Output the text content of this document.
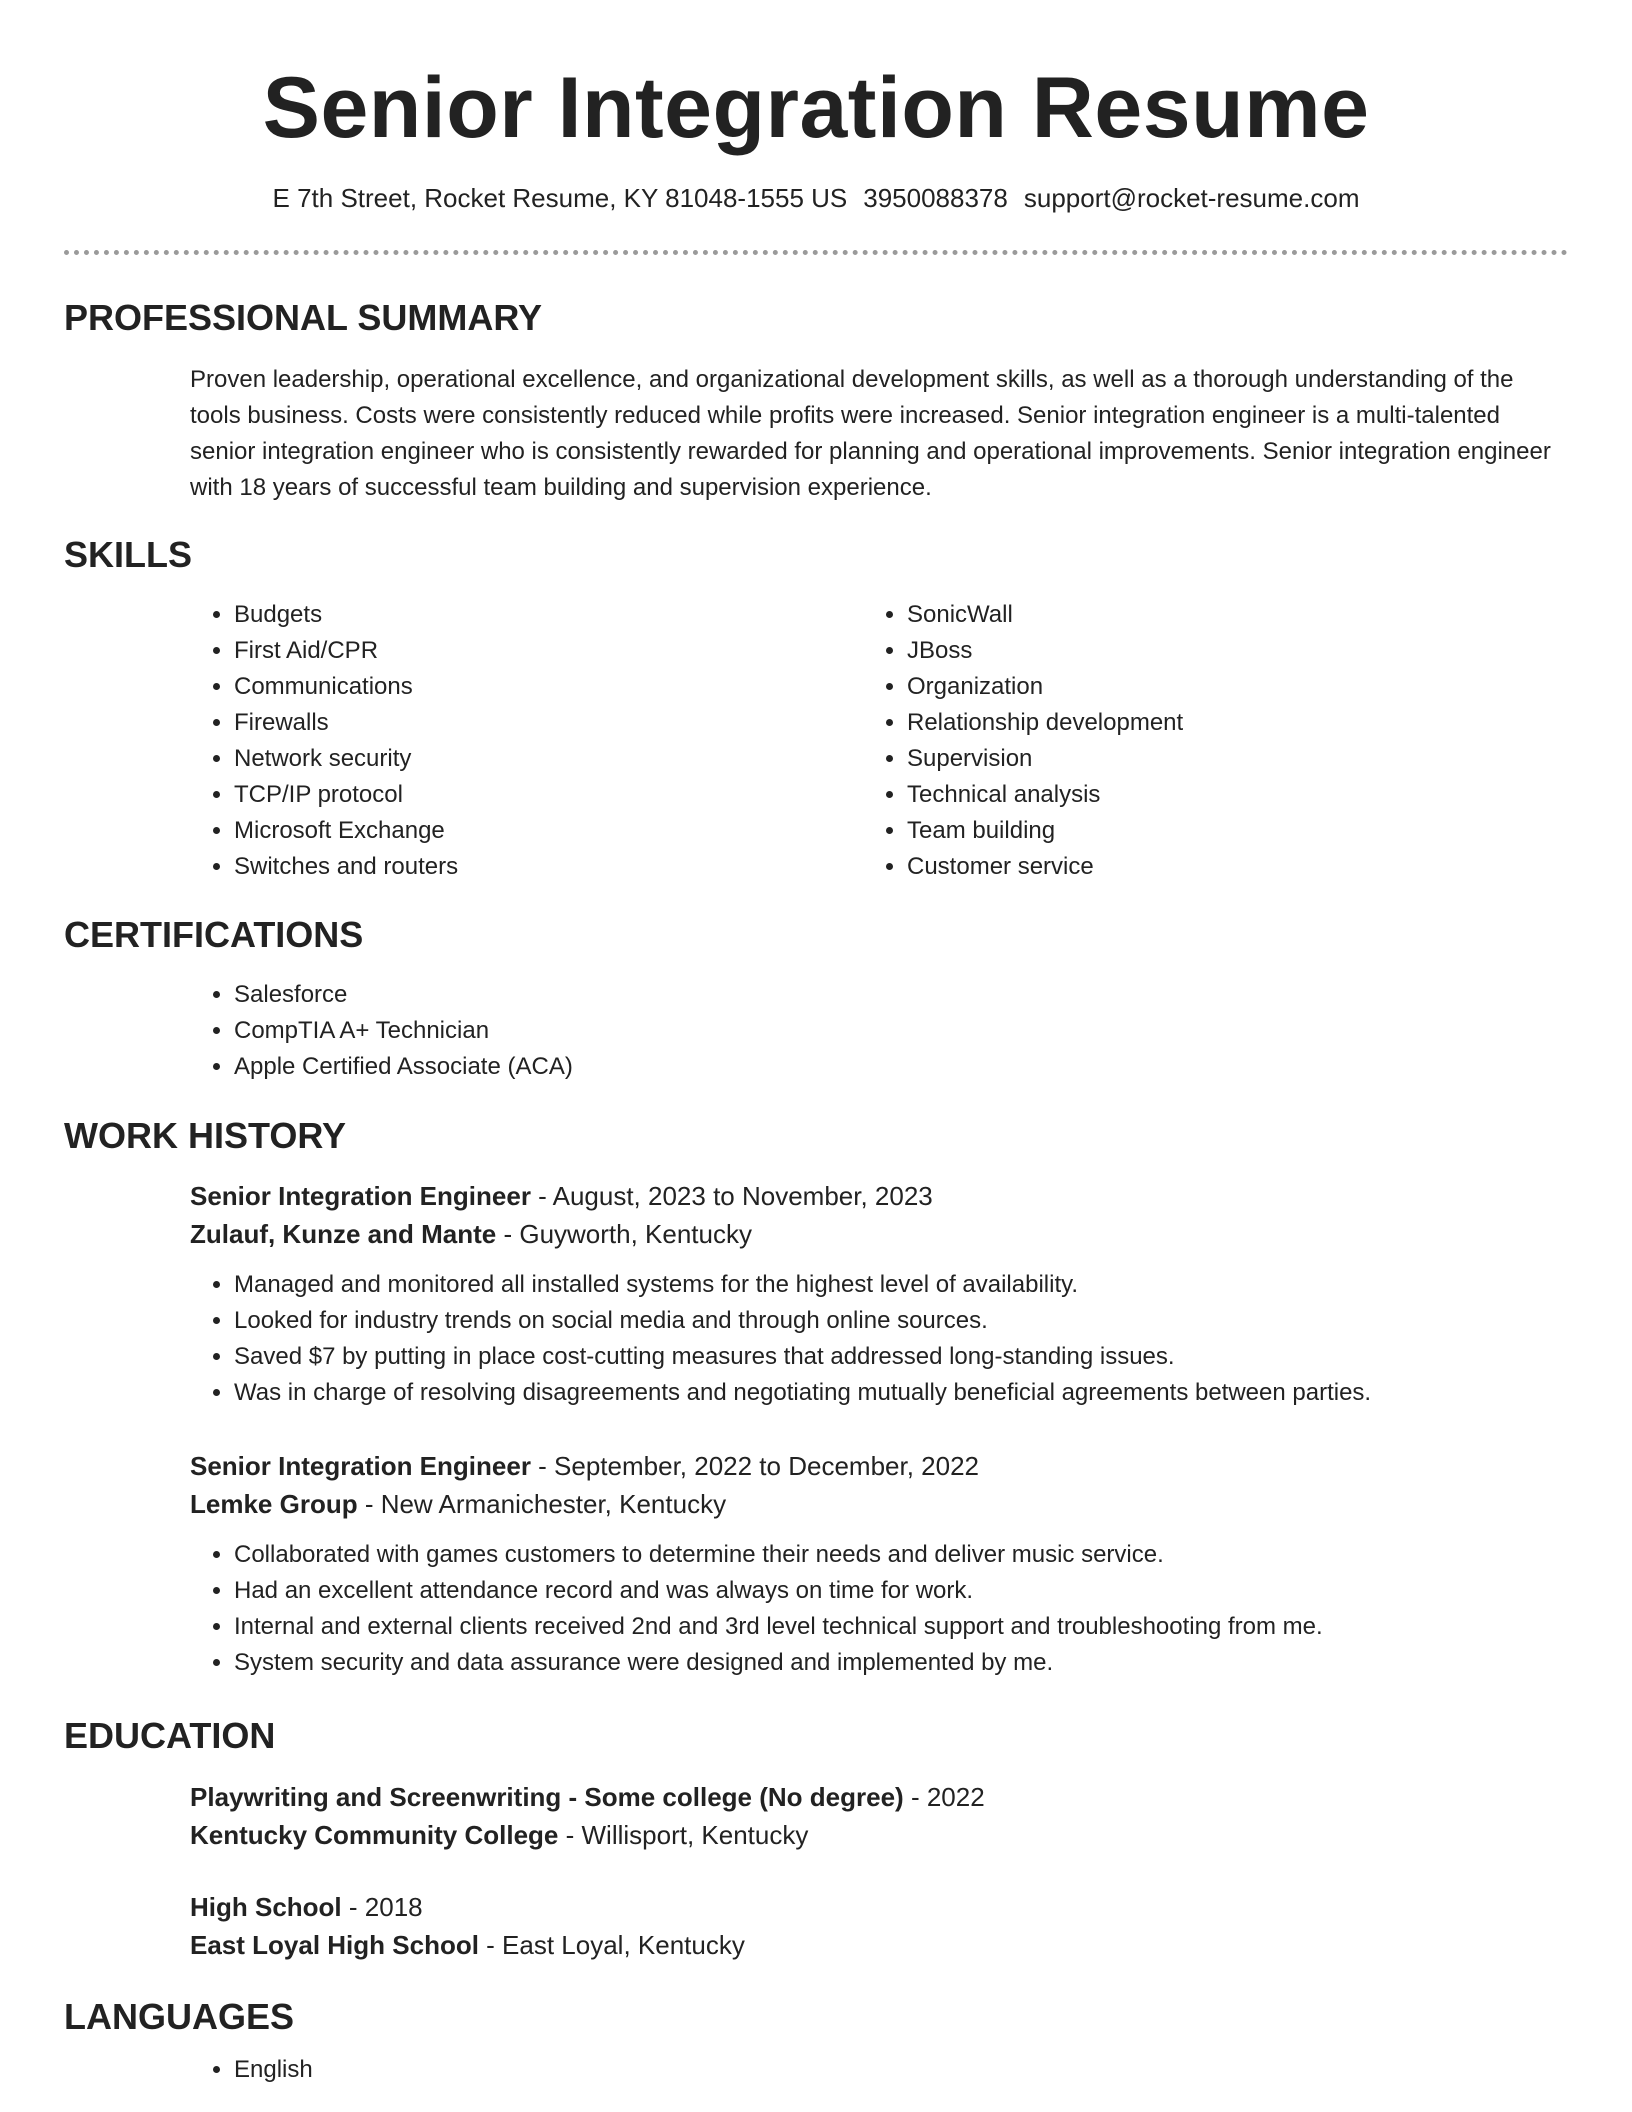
Senior Integration Resume
E 7th Street, Rocket Resume, KY 81048-1555 US 3950088378 support@rocket-resume.com
PROFESSIONAL SUMMARY

Proven leadership, operational excellence, and organizational development skills, as well as a thorough understanding of the tools business. Costs were consistently reduced while profits were increased. Senior integration engineer is a multi-talented senior integration engineer who is consistently rewarded for planning and operational improvements. Senior integration engineer with 18 years of successful team building and supervision experience.

SKILLS
• Budgets
• First Aid/CPR
• Communications
• Firewalls
• Network security
• TCP/IP protocol
• Microsoft Exchange
• Switches and routers
• SonicWall
• JBoss
• Organization
• Relationship development
• Supervision
• Technical analysis
• Team building
• Customer service
CERTIFICATIONS
• Salesforce
• CompTIA A+ Technician
• Apple Certified Associate (ACA)
WORK HISTORY
Senior Integration Engineer - August, 2023 to November, 2023
Zulauf, Kunze and Mante - Guyworth, Kentucky
• Managed and monitored all installed systems for the highest level of availability.
• Looked for industry trends on social media and through online sources.
• Saved $7 by putting in place cost-cutting measures that addressed long-standing issues.
• Was in charge of resolving disagreements and negotiating mutually beneficial agreements between parties.
Senior Integration Engineer - September, 2022 to December, 2022
Lemke Group - New Armanichester, Kentucky
• Collaborated with games customers to determine their needs and deliver music service.
• Had an excellent attendance record and was always on time for work.
• Internal and external clients received 2nd and 3rd level technical support and troubleshooting from me.
• System security and data assurance were designed and implemented by me.
EDUCATION
Playwriting and Screenwriting - Some college (No degree) - 2022
Kentucky Community College - Willisport, Kentucky
High School - 2018
East Loyal High School - East Loyal, Kentucky
LANGUAGES
• English
